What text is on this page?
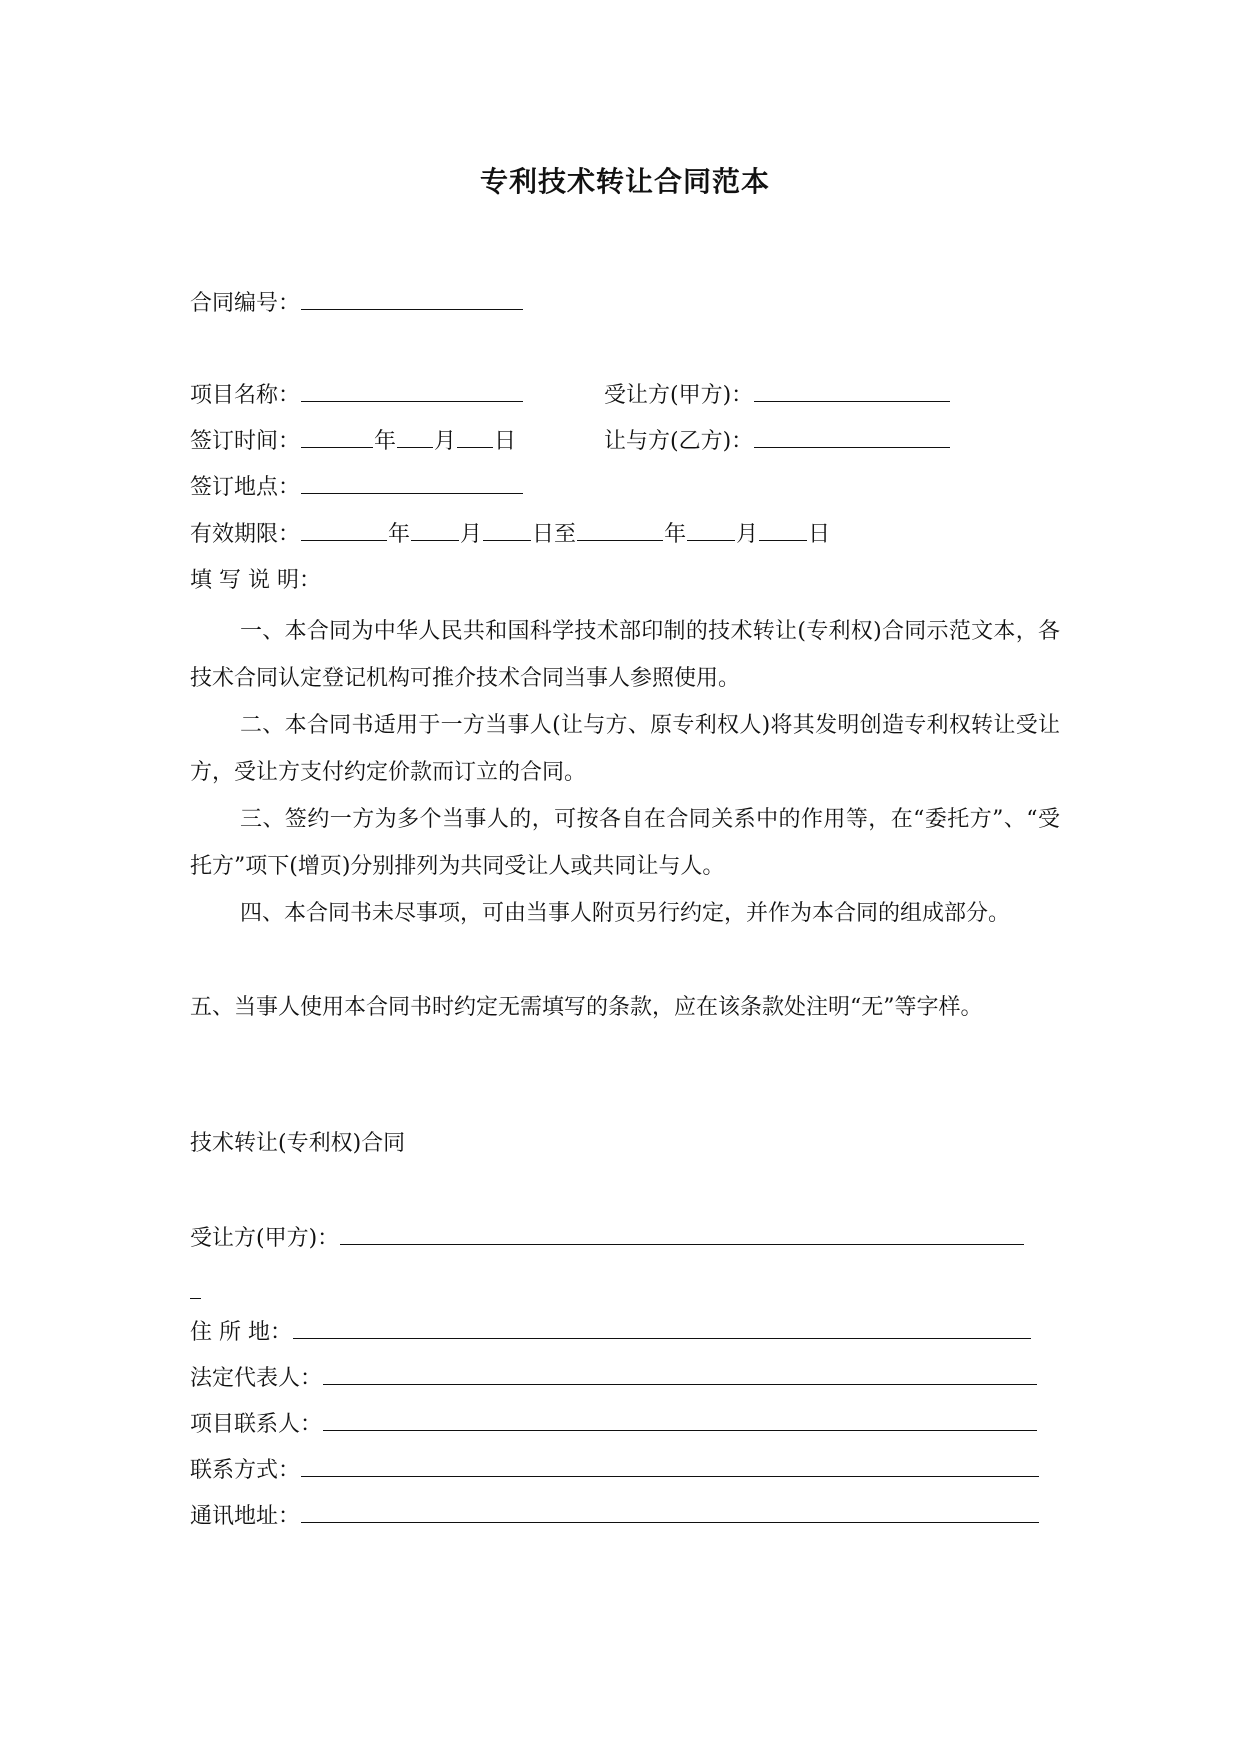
专利技术转让合同范本
合同编号：
项目名称：	受让方(甲方)：
签订时间：	年 月 日	让与方(乙方)：
签订地点：
有效期限：	年 月 日至	年 月 日
填 写 说 明：
一、本合同为中华人民共和国科学技术部印制的技术转让(专利权)合同示范文本，各技术合同认定登记机构可推介技术合同当事人参照使用。
二、本合同书适用于一方当事人(让与方、原专利权人)将其发明创造专利权转让受让方，受让方支付约定价款而订立的合同。
三、签约一方为多个当事人的，可按各自在合同关系中的作用等，在“委托方”、“受托方”项下(增页)分别排列为共同受让人或共同让与人。
四、本合同书未尽事项，可由当事人附页另行约定，并作为本合同的组成部分。
五、当事人使用本合同书时约定无需填写的条款，应在该条款处注明“无”等字样。
技术转让(专利权)合同
受让方(甲方)：
住 所 地：
法定代表人：
项目联系人：
联系方式：
通讯地址：
